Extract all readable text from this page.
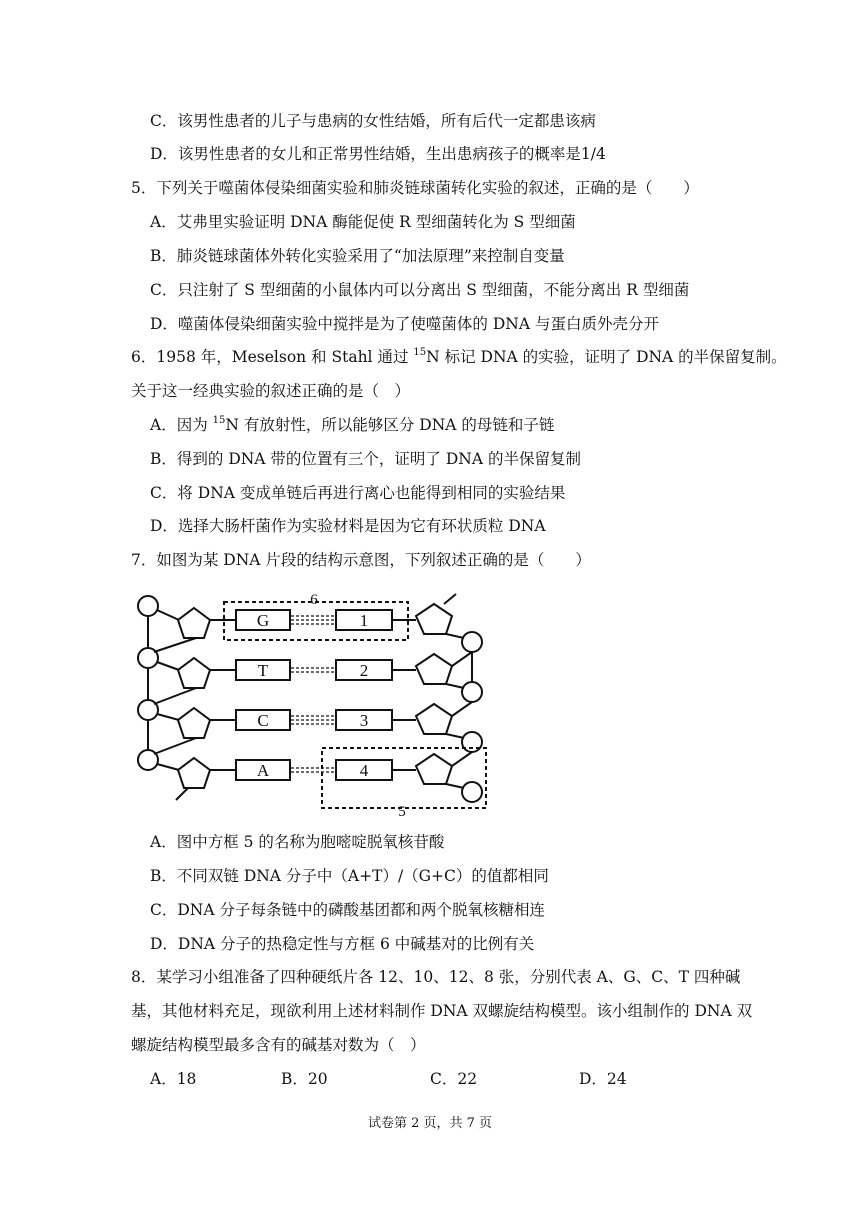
C．该男性患者的儿子与患病的女性结婚，所有后代一定都患该病
D．该男性患者的女儿和正常男性结婚，生出患病孩子的概率是1/4
5．下列关于噬菌体侵染细菌实验和肺炎链球菌转化实验的叙述，正确的是（　　）
A．艾弗里实验证明 DNA 酶能促使 R 型细菌转化为 S 型细菌
B．肺炎链球菌体外转化实验采用了“加法原理”来控制自变量
C．只注射了 S 型细菌的小鼠体内可以分离出 S 型细菌，不能分离出 R 型细菌
D．噬菌体侵染细菌实验中搅拌是为了使噬菌体的 DNA 与蛋白质外壳分开
6．1958 年，Meselson 和 Stahl 通过 $^{15}$N 标记 DNA 的实验，证明了 DNA 的半保留复制。
关于这一经典实验的叙述正确的是（　）
A．因为 $^{15}$N 有放射性，所以能够区分 DNA 的母链和子链
B．得到的 DNA 带的位置有三个，证明了 DNA 的半保留复制
C．将 DNA 变成单链后再进行离心也能得到相同的实验结果
D．选择大肠杆菌作为实验材料是因为它有环状质粒 DNA
7．如图为某 DNA 片段的结构示意图，下列叙述正确的是（　　）
G
T
C
A
1
2
3
4
6
5
A．图中方框 5 的名称为胞嘧啶脱氧核苷酸
B．不同双链 DNA 分子中（A+T）/（G+C）的值都相同
C．DNA 分子每条链中的磷酸基团都和两个脱氧核糖相连
D．DNA 分子的热稳定性与方框 6 中碱基对的比例有关
8．某学习小组准备了四种硬纸片各 12、10、12、8 张，分别代表 A、G、C、T 四种碱
基，其他材料充足，现欲利用上述材料制作 DNA 双螺旋结构模型。该小组制作的 DNA 双
螺旋结构模型最多含有的碱基对数为（　）
A．18	B．20	C．22	D．24
试卷第 2 页，共 7 页
